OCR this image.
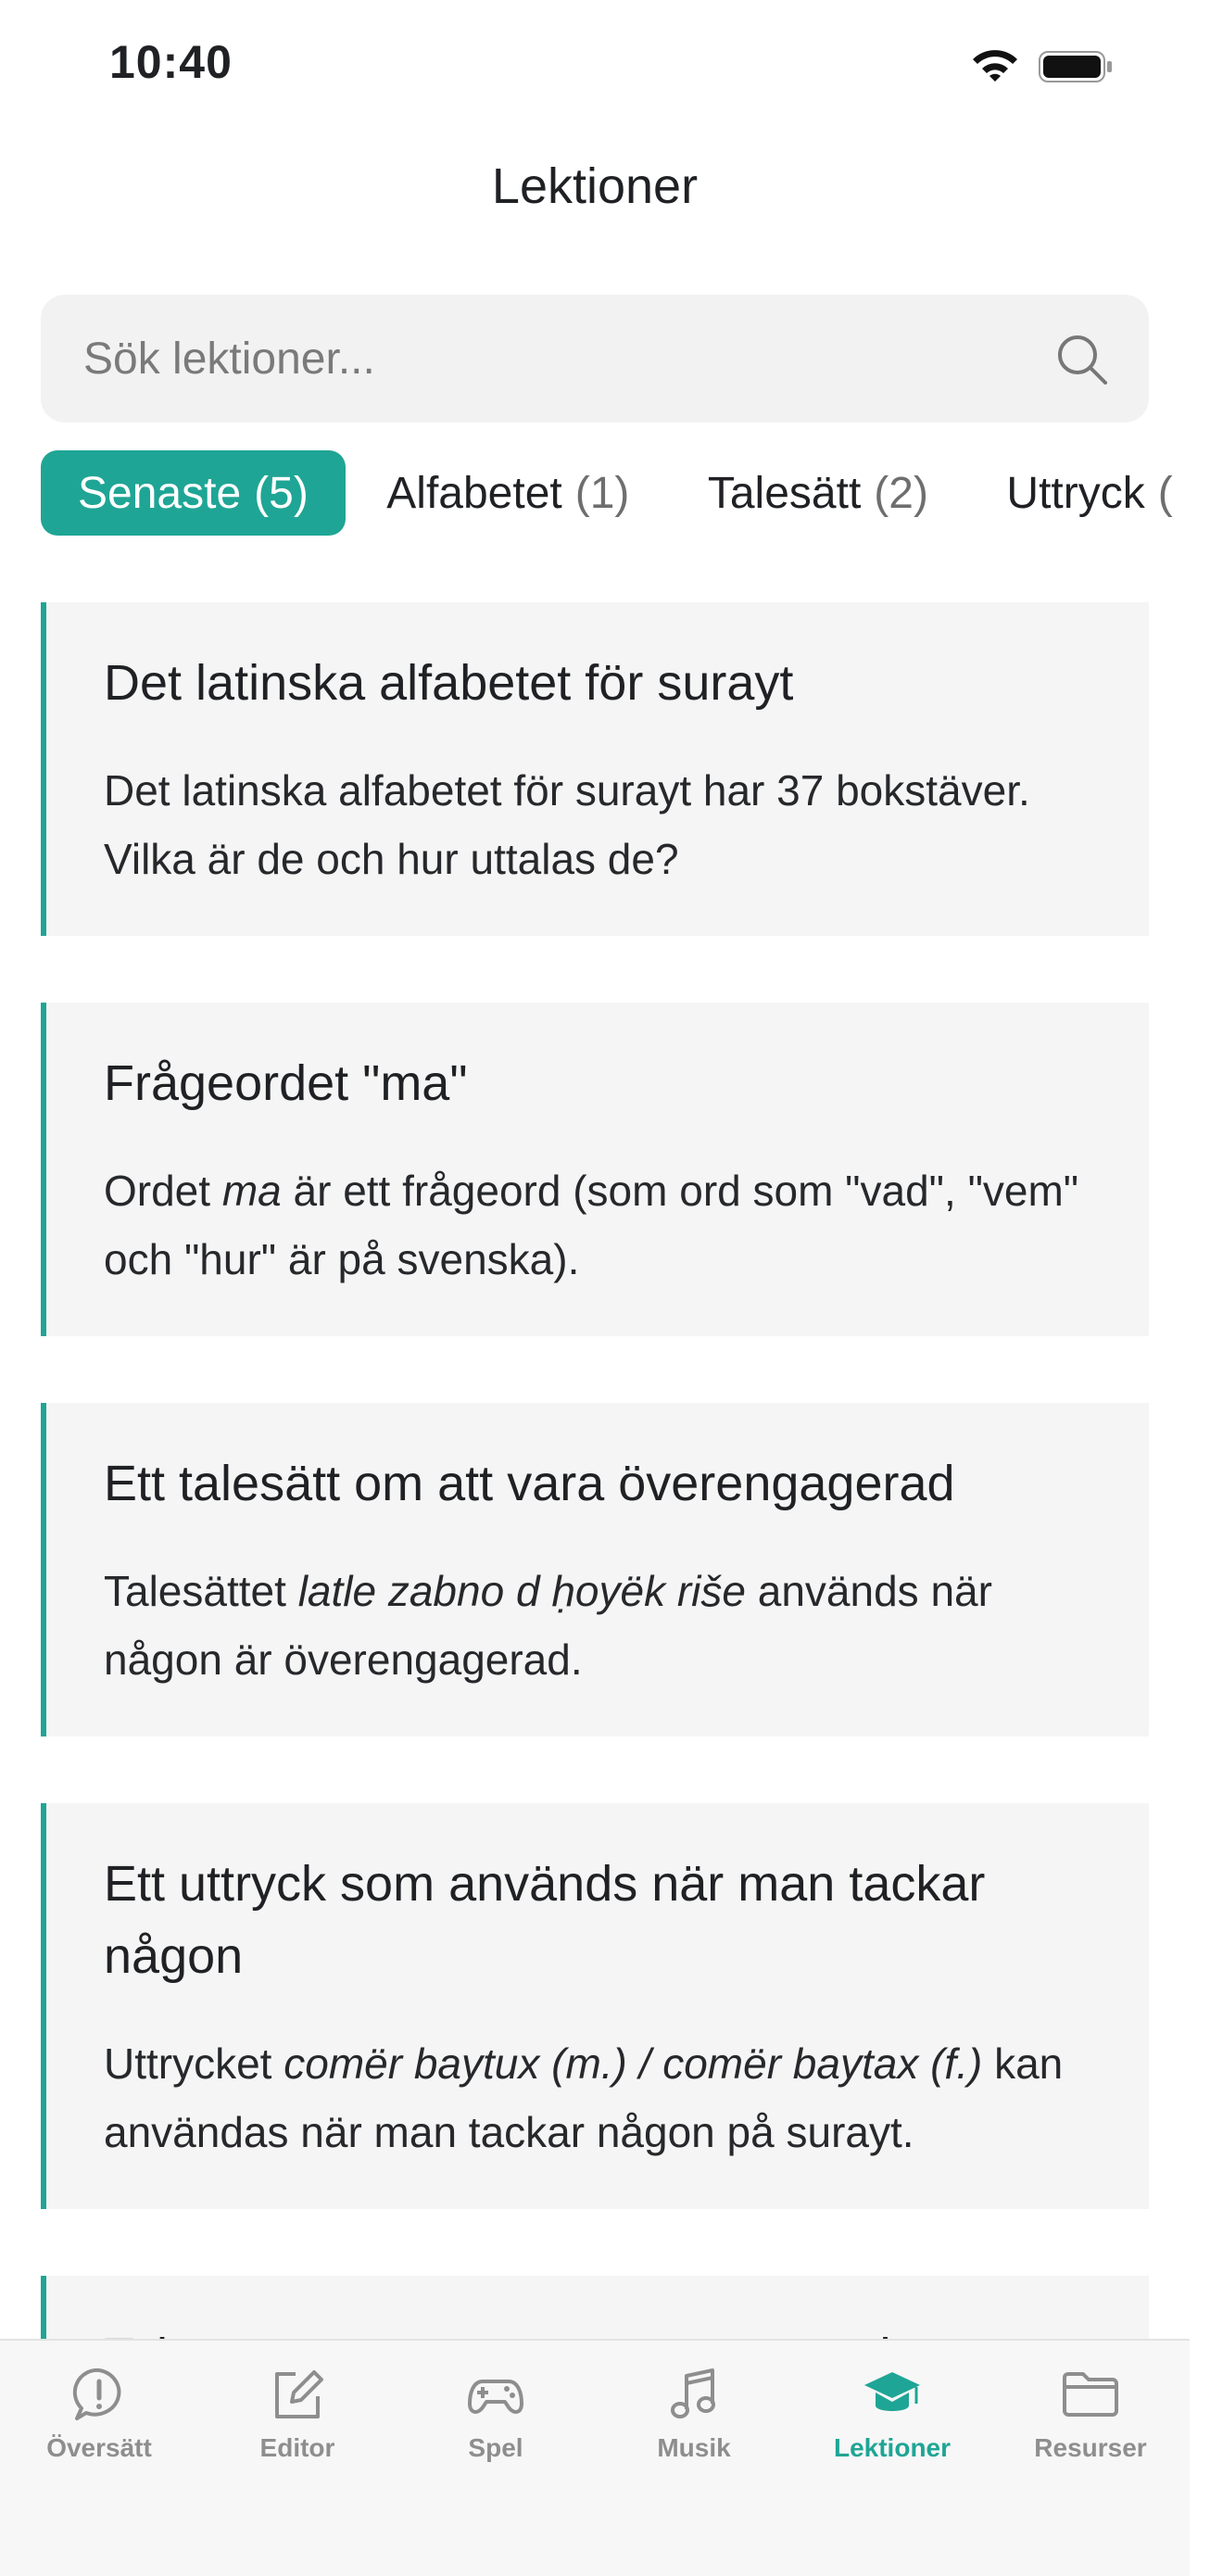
10:40
Lektioner
Sök lektioner...
Senaste (5)
Alfabetet (1)
Talesätt (2)
Uttryck (

Det latinska alfabetet för surayt

Det latinska alfabetet för surayt har 37 bokstäver. Vilka är de och hur uttalas de?

Frågeordet "ma"

Ordet ma är ett frågeord (som ord som "vad", "vem" och "hur" är på svenska).

Ett talesätt om att vara överengagerad

Talesättet latle zabno d ḥoyëk riše används när någon är överengagerad.

Ett uttryck som används när man tackar någon

Uttrycket comër baytux (m.) / comër baytax (f.) kan användas när man tackar någon på surayt.

Översätt	Editor	Spel	Musik	Lektioner	Resurser
